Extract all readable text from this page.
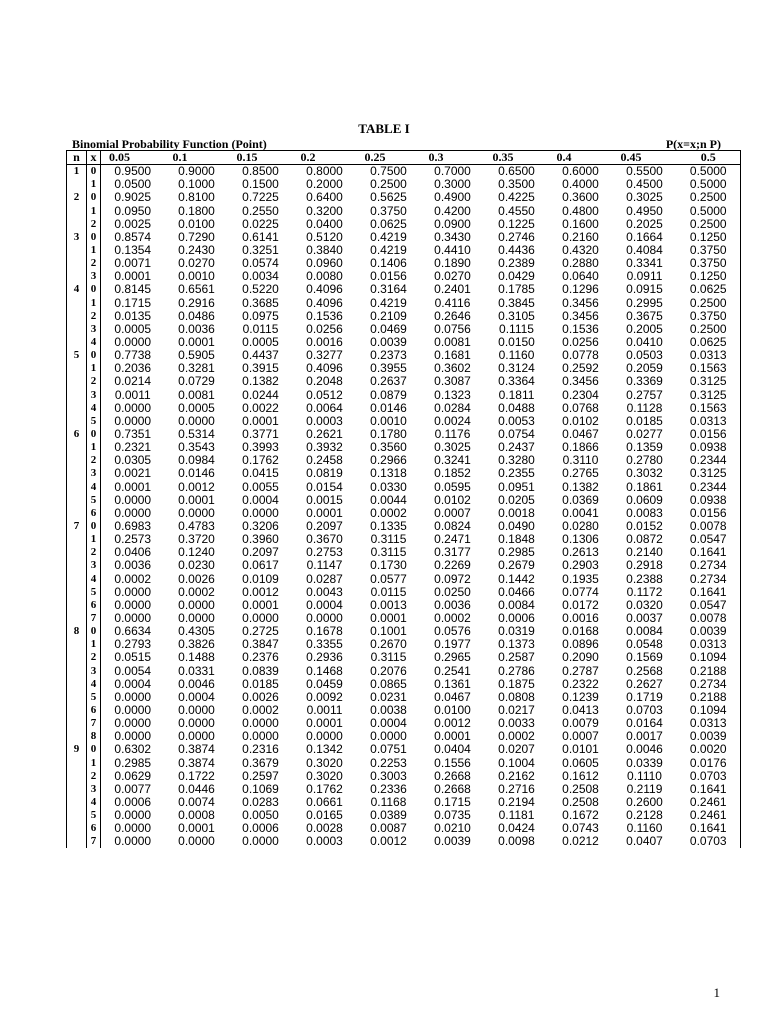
TABLE I
Binomial Probability Function (Point)	P(x=x;n P)
n	x	0.05	0.1	0.15	0.2	0.25	0.3	0.35	0.4	0.45	0.5
1	0	0.9500	0.9000	0.8500	0.8000	0.7500	0.7000	0.6500	0.6000	0.5500	0.5000
	1	0.0500	0.1000	0.1500	0.2000	0.2500	0.3000	0.3500	0.4000	0.4500	0.5000
2	0	0.9025	0.8100	0.7225	0.6400	0.5625	0.4900	0.4225	0.3600	0.3025	0.2500
	1	0.0950	0.1800	0.2550	0.3200	0.3750	0.4200	0.4550	0.4800	0.4950	0.5000
	2	0.0025	0.0100	0.0225	0.0400	0.0625	0.0900	0.1225	0.1600	0.2025	0.2500
3	0	0.8574	0.7290	0.6141	0.5120	0.4219	0.3430	0.2746	0.2160	0.1664	0.1250
	1	0.1354	0.2430	0.3251	0.3840	0.4219	0.4410	0.4436	0.4320	0.4084	0.3750
	2	0.0071	0.0270	0.0574	0.0960	0.1406	0.1890	0.2389	0.2880	0.3341	0.3750
	3	0.0001	0.0010	0.0034	0.0080	0.0156	0.0270	0.0429	0.0640	0.0911	0.1250
4	0	0.8145	0.6561	0.5220	0.4096	0.3164	0.2401	0.1785	0.1296	0.0915	0.0625
	1	0.1715	0.2916	0.3685	0.4096	0.4219	0.4116	0.3845	0.3456	0.2995	0.2500
	2	0.0135	0.0486	0.0975	0.1536	0.2109	0.2646	0.3105	0.3456	0.3675	0.3750
	3	0.0005	0.0036	0.0115	0.0256	0.0469	0.0756	0.1115	0.1536	0.2005	0.2500
	4	0.0000	0.0001	0.0005	0.0016	0.0039	0.0081	0.0150	0.0256	0.0410	0.0625
5	0	0.7738	0.5905	0.4437	0.3277	0.2373	0.1681	0.1160	0.0778	0.0503	0.0313
	1	0.2036	0.3281	0.3915	0.4096	0.3955	0.3602	0.3124	0.2592	0.2059	0.1563
	2	0.0214	0.0729	0.1382	0.2048	0.2637	0.3087	0.3364	0.3456	0.3369	0.3125
	3	0.0011	0.0081	0.0244	0.0512	0.0879	0.1323	0.1811	0.2304	0.2757	0.3125
	4	0.0000	0.0005	0.0022	0.0064	0.0146	0.0284	0.0488	0.0768	0.1128	0.1563
	5	0.0000	0.0000	0.0001	0.0003	0.0010	0.0024	0.0053	0.0102	0.0185	0.0313
6	0	0.7351	0.5314	0.3771	0.2621	0.1780	0.1176	0.0754	0.0467	0.0277	0.0156
	1	0.2321	0.3543	0.3993	0.3932	0.3560	0.3025	0.2437	0.1866	0.1359	0.0938
	2	0.0305	0.0984	0.1762	0.2458	0.2966	0.3241	0.3280	0.3110	0.2780	0.2344
	3	0.0021	0.0146	0.0415	0.0819	0.1318	0.1852	0.2355	0.2765	0.3032	0.3125
	4	0.0001	0.0012	0.0055	0.0154	0.0330	0.0595	0.0951	0.1382	0.1861	0.2344
	5	0.0000	0.0001	0.0004	0.0015	0.0044	0.0102	0.0205	0.0369	0.0609	0.0938
	6	0.0000	0.0000	0.0000	0.0001	0.0002	0.0007	0.0018	0.0041	0.0083	0.0156
7	0	0.6983	0.4783	0.3206	0.2097	0.1335	0.0824	0.0490	0.0280	0.0152	0.0078
	1	0.2573	0.3720	0.3960	0.3670	0.3115	0.2471	0.1848	0.1306	0.0872	0.0547
	2	0.0406	0.1240	0.2097	0.2753	0.3115	0.3177	0.2985	0.2613	0.2140	0.1641
	3	0.0036	0.0230	0.0617	0.1147	0.1730	0.2269	0.2679	0.2903	0.2918	0.2734
	4	0.0002	0.0026	0.0109	0.0287	0.0577	0.0972	0.1442	0.1935	0.2388	0.2734
	5	0.0000	0.0002	0.0012	0.0043	0.0115	0.0250	0.0466	0.0774	0.1172	0.1641
	6	0.0000	0.0000	0.0001	0.0004	0.0013	0.0036	0.0084	0.0172	0.0320	0.0547
	7	0.0000	0.0000	0.0000	0.0000	0.0001	0.0002	0.0006	0.0016	0.0037	0.0078
8	0	0.6634	0.4305	0.2725	0.1678	0.1001	0.0576	0.0319	0.0168	0.0084	0.0039
	1	0.2793	0.3826	0.3847	0.3355	0.2670	0.1977	0.1373	0.0896	0.0548	0.0313
	2	0.0515	0.1488	0.2376	0.2936	0.3115	0.2965	0.2587	0.2090	0.1569	0.1094
	3	0.0054	0.0331	0.0839	0.1468	0.2076	0.2541	0.2786	0.2787	0.2568	0.2188
	4	0.0004	0.0046	0.0185	0.0459	0.0865	0.1361	0.1875	0.2322	0.2627	0.2734
	5	0.0000	0.0004	0.0026	0.0092	0.0231	0.0467	0.0808	0.1239	0.1719	0.2188
	6	0.0000	0.0000	0.0002	0.0011	0.0038	0.0100	0.0217	0.0413	0.0703	0.1094
	7	0.0000	0.0000	0.0000	0.0001	0.0004	0.0012	0.0033	0.0079	0.0164	0.0313
	8	0.0000	0.0000	0.0000	0.0000	0.0000	0.0001	0.0002	0.0007	0.0017	0.0039
9	0	0.6302	0.3874	0.2316	0.1342	0.0751	0.0404	0.0207	0.0101	0.0046	0.0020
	1	0.2985	0.3874	0.3679	0.3020	0.2253	0.1556	0.1004	0.0605	0.0339	0.0176
	2	0.0629	0.1722	0.2597	0.3020	0.3003	0.2668	0.2162	0.1612	0.1110	0.0703
	3	0.0077	0.0446	0.1069	0.1762	0.2336	0.2668	0.2716	0.2508	0.2119	0.1641
	4	0.0006	0.0074	0.0283	0.0661	0.1168	0.1715	0.2194	0.2508	0.2600	0.2461
	5	0.0000	0.0008	0.0050	0.0165	0.0389	0.0735	0.1181	0.1672	0.2128	0.2461
	6	0.0000	0.0001	0.0006	0.0028	0.0087	0.0210	0.0424	0.0743	0.1160	0.1641
	7	0.0000	0.0000	0.0000	0.0003	0.0012	0.0039	0.0098	0.0212	0.0407	0.0703
1
